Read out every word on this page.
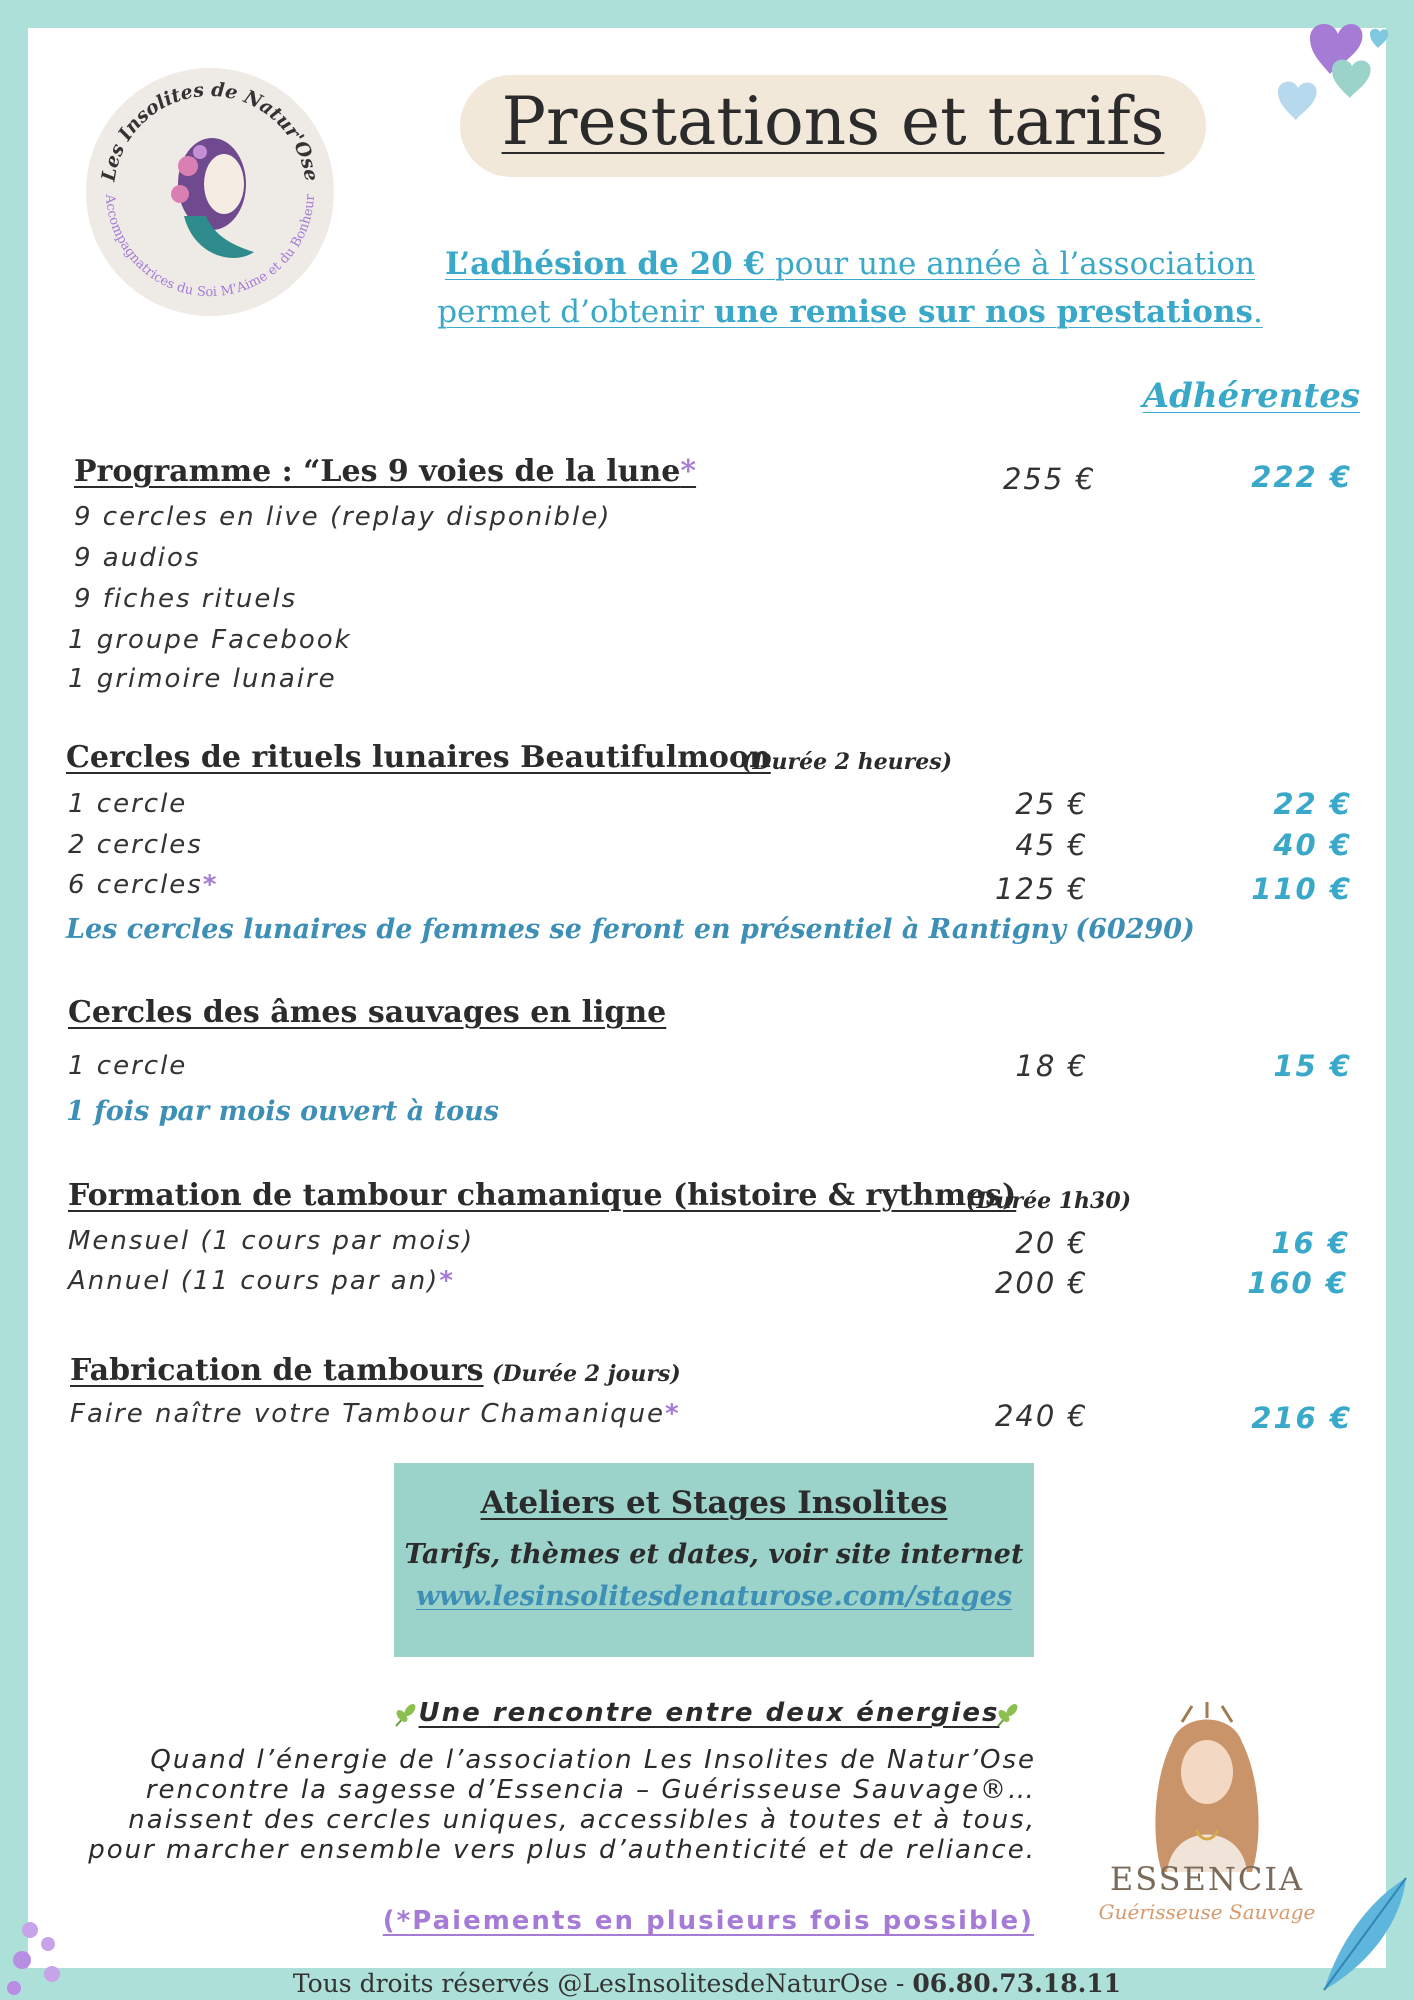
Les Insolites de Natur'Ose
Accompagnatrices du Soi M'Aime et du Bonheur
Prestations et tarifs
L’adhésion de 20 € pour une année à l’association
permet d’obtenir une remise sur nos prestations.
Adhérentes
Programme : “Les 9 voies de la lune*	255 €	222 €
9 cercles en live (replay disponible)
9 audios
9 fiches rituels
1 groupe Facebook
1 grimoire lunaire
Cercles de rituels lunaires Beautifulmoon
(Durée 2 heures)
1 cercle	25 €	22 €
2 cercles	45 €	40 €
6 cercles*	125 €	110 €
Les cercles lunaires de femmes se feront en présentiel à Rantigny (60290)
Cercles des âmes sauvages en ligne
1 cercle	18 €	15 €
1 fois par mois ouvert à tous
Formation de tambour chamanique (histoire & rythmes)
(Durée 1h30)
Mensuel (1 cours par mois)	20 €	16 €
Annuel (11 cours par an)*	200 €	160 €
Fabrication de tambours (Durée 2 jours)
Faire naître votre Tambour Chamanique*	240 €	216 €
Ateliers et Stages Insolites
Tarifs, thèmes et dates, voir site internet
www.lesinsolitesdenaturose.com/stages
Une rencontre entre deux énergies
Quand l’énergie de l’association Les Insolites de Natur’Ose
rencontre la sagesse d’Essencia – Guérisseuse Sauvage®…
naissent des cercles uniques, accessibles à toutes et à tous,
pour marcher ensemble vers plus d’authenticité et de reliance.
(*Paiements en plusieurs fois possible)
ESSENCIA
Guérisseuse Sauvage
Tous droits réservés @LesInsolitesdeNaturOse - 06.80.73.18.11
